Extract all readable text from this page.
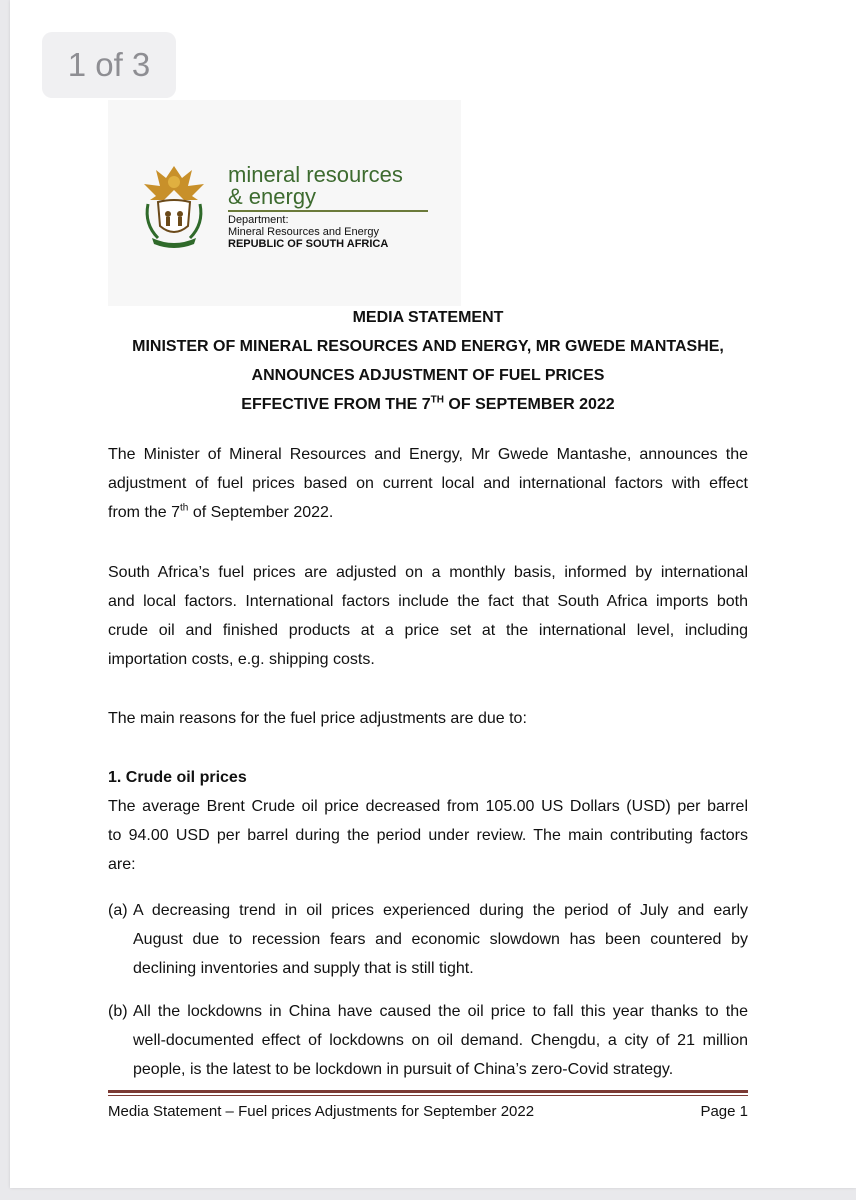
1 of 3
mineral resources
& energy
Department:
Mineral Resources and Energy
REPUBLIC OF SOUTH AFRICA
MEDIA STATEMENT
MINISTER OF MINERAL RESOURCES AND ENERGY, MR GWEDE MANTASHE,
ANNOUNCES ADJUSTMENT OF FUEL PRICES
EFFECTIVE FROM THE 7TH OF SEPTEMBER 2022
The Minister of Mineral Resources and Energy, Mr Gwede Mantashe, announces the
adjustment of fuel prices based on current local and international factors with effect
from the 7th of September 2022.
South Africa’s fuel prices are adjusted on a monthly basis, informed by international
and local factors. International factors include the fact that South Africa imports both
crude oil and finished products at a price set at the international level, including
importation costs, e.g. shipping costs.
The main reasons for the fuel price adjustments are due to:
1. Crude oil prices
The average Brent Crude oil price decreased from 105.00 US Dollars (USD) per barrel
to 94.00 USD per barrel during the period under review. The main contributing factors
are:
(a) A decreasing trend in oil prices experienced during the period of July and early
August due to recession fears and economic slowdown has been countered by
declining inventories and supply that is still tight.
(b) All the lockdowns in China have caused the oil price to fall this year thanks to the
well-documented effect of lockdowns on oil demand. Chengdu, a city of 21 million
people, is the latest to be lockdown in pursuit of China’s zero-Covid strategy.
Media Statement – Fuel prices Adjustments for September 2022	Page 1
